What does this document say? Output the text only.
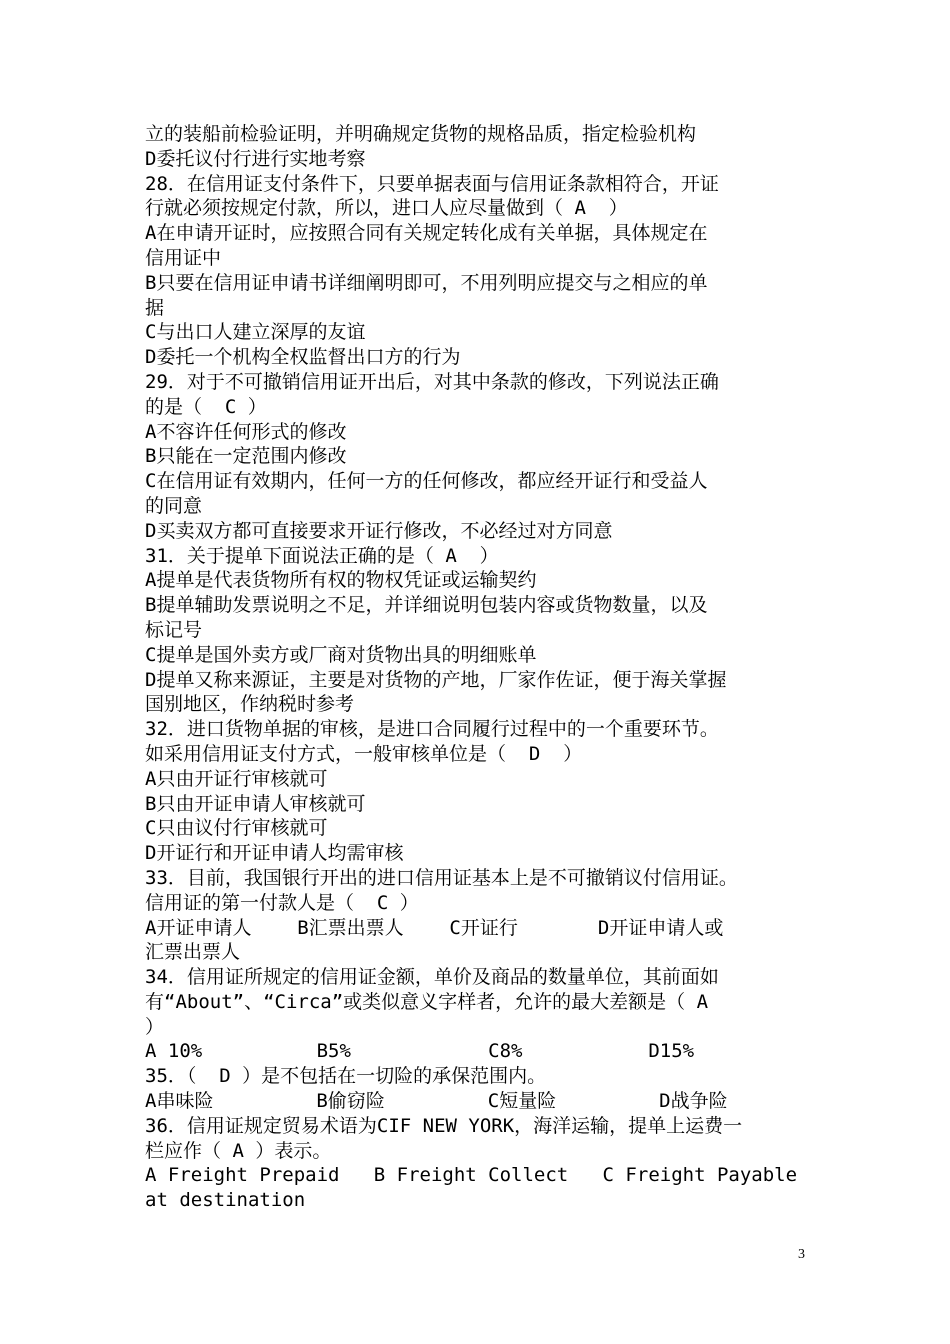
立的装船前检验证明，并明确规定货物的规格品质，指定检验机构
D委托议付行进行实地考察
28．在信用证支付条件下，只要单据表面与信用证条款相符合，开证
行就必须按规定付款，所以，进口人应尽量做到（ A  ）
A在申请开证时，应按照合同有关规定转化成有关单据，具体规定在
信用证中
B只要在信用证申请书详细阐明即可，不用列明应提交与之相应的单
据
C与出口人建立深厚的友谊
D委托一个机构全权监督出口方的行为
29．对于不可撤销信用证开出后，对其中条款的修改，下列说法正确
的是（  C ）
A不容许任何形式的修改
B只能在一定范围内修改
C在信用证有效期内，任何一方的任何修改，都应经开证行和受益人
的同意
D买卖双方都可直接要求开证行修改，不必经过对方同意
31．关于提单下面说法正确的是（ A  ）
A提单是代表货物所有权的物权凭证或运输契约
B提单辅助发票说明之不足，并详细说明包装内容或货物数量，以及
标记号
C提单是国外卖方或厂商对货物出具的明细账单
D提单又称来源证，主要是对货物的产地，厂家作佐证，便于海关掌握
国别地区，作纳税时参考
32．进口货物单据的审核，是进口合同履行过程中的一个重要环节。
如采用信用证支付方式，一般审核单位是（  D  ）
A只由开证行审核就可
B只由开证申请人审核就可
C只由议付行审核就可
D开证行和开证申请人均需审核
33．目前，我国银行开出的进口信用证基本上是不可撤销议付信用证。
信用证的第一付款人是（  C ）
A开证申请人    B汇票出票人    C开证行       D开证申请人或
汇票出票人
34．信用证所规定的信用证金额，单价及商品的数量单位，其前面如
有“About”、“Circa”或类似意义字样者，允许的最大差额是（ A
）
A 10%          B5%            C8%           D15%
35．（  D ）是不包括在一切险的承保范围内。
A串味险         B偷窃险         C短量险         D战争险
36．信用证规定贸易术语为CIF NEW YORK，海洋运输，提单上运费一
栏应作（ A ）表示。
A Freight Prepaid   B Freight Collect   C Freight Payable
at destination
3
